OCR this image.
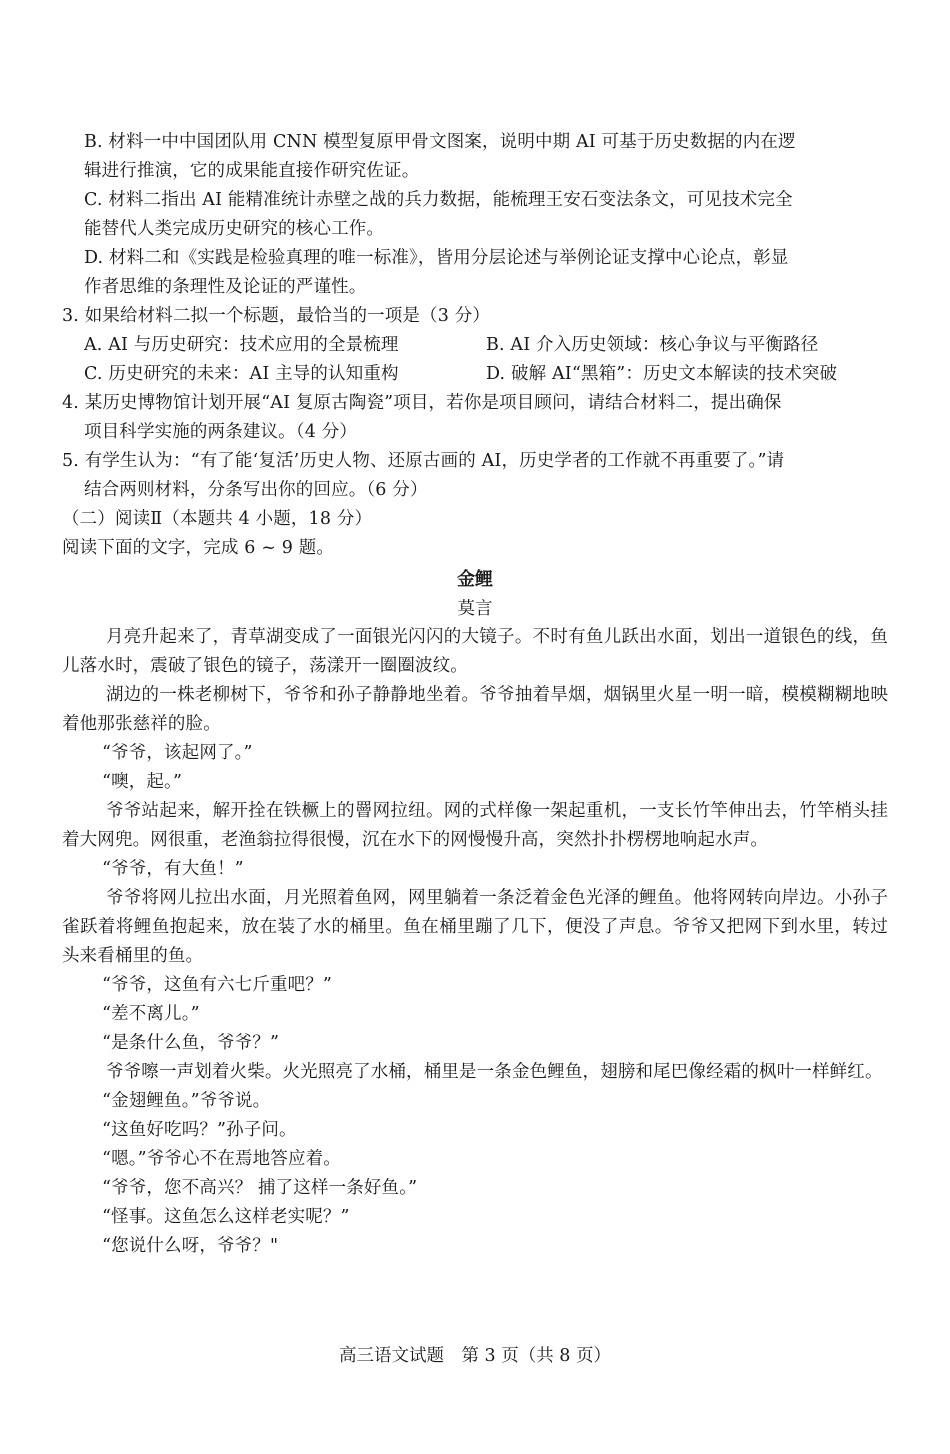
B. 材料一中中国团队用 CNN 模型复原甲骨文图案，说明中期 AI 可基于历史数据的内在逻
辑进行推演，它的成果能直接作研究佐证。
C. 材料二指出 AI 能精准统计赤壁之战的兵力数据，能梳理王安石变法条文，可见技术完全
能替代人类完成历史研究的核心工作。
D. 材料二和《实践是检验真理的唯一标准》，皆用分层论述与举例论证支撑中心论点，彰显
作者思维的条理性及论证的严谨性。
3. 如果给材料二拟一个标题，最恰当的一项是（3 分）
A. AI 与历史研究：技术应用的全景梳理	B. AI 介入历史领域：核心争议与平衡路径
C. 历史研究的未来：AI 主导的认知重构	D. 破解 AI“黑箱”：历史文本解读的技术突破
4. 某历史博物馆计划开展“AI 复原古陶瓷”项目，若你是项目顾问，请结合材料二，提出确保
项目科学实施的两条建议。（4 分）
5. 有学生认为：“有了能‘复活’历史人物、还原古画的 AI，历史学者的工作就不再重要了。”请
结合两则材料，分条写出你的回应。（6 分）
（二）阅读Ⅱ（本题共 4 小题，18 分）
阅读下面的文字，完成 6 ~ 9 题。
金鲤
莫言
月亮升起来了，青草湖变成了一面银光闪闪的大镜子。不时有鱼儿跃出水面，划出一道银色的线，鱼儿落水时，震破了银色的镜子，荡漾开一圈圈波纹。
湖边的一株老柳树下，爷爷和孙子静静地坐着。爷爷抽着旱烟，烟锅里火星一明一暗，模模糊糊地映着他那张慈祥的脸。
“爷爷，该起网了。”
“噢，起。”
爷爷站起来，解开拴在铁橛上的罾网拉纽。网的式样像一架起重机，一支长竹竿伸出去，竹竿梢头挂着大网兜。网很重，老渔翁拉得很慢，沉在水下的网慢慢升高，突然扑扑楞楞地响起水声。
“爷爷，有大鱼！”
爷爷将网儿拉出水面，月光照着鱼网，网里躺着一条泛着金色光泽的鲤鱼。他将网转向岸边。小孙子雀跃着将鲤鱼抱起来，放在装了水的桶里。鱼在桶里蹦了几下，便没了声息。爷爷又把网下到水里，转过头来看桶里的鱼。
“爷爷，这鱼有六七斤重吧？”
“差不离儿。”
“是条什么鱼，爷爷？”
爷爷嚓一声划着火柴。火光照亮了水桶，桶里是一条金色鲤鱼，翅膀和尾巴像经霜的枫叶一样鲜红。
“金翅鲤鱼。”爷爷说。
“这鱼好吃吗？”孙子问。
“嗯。”爷爷心不在焉地答应着。
“爷爷，您不高兴？ 捕了这样一条好鱼。”
“怪事。这鱼怎么这样老实呢？”
“您说什么呀，爷爷？"
高三语文试题　第 3 页（共 8 页）
